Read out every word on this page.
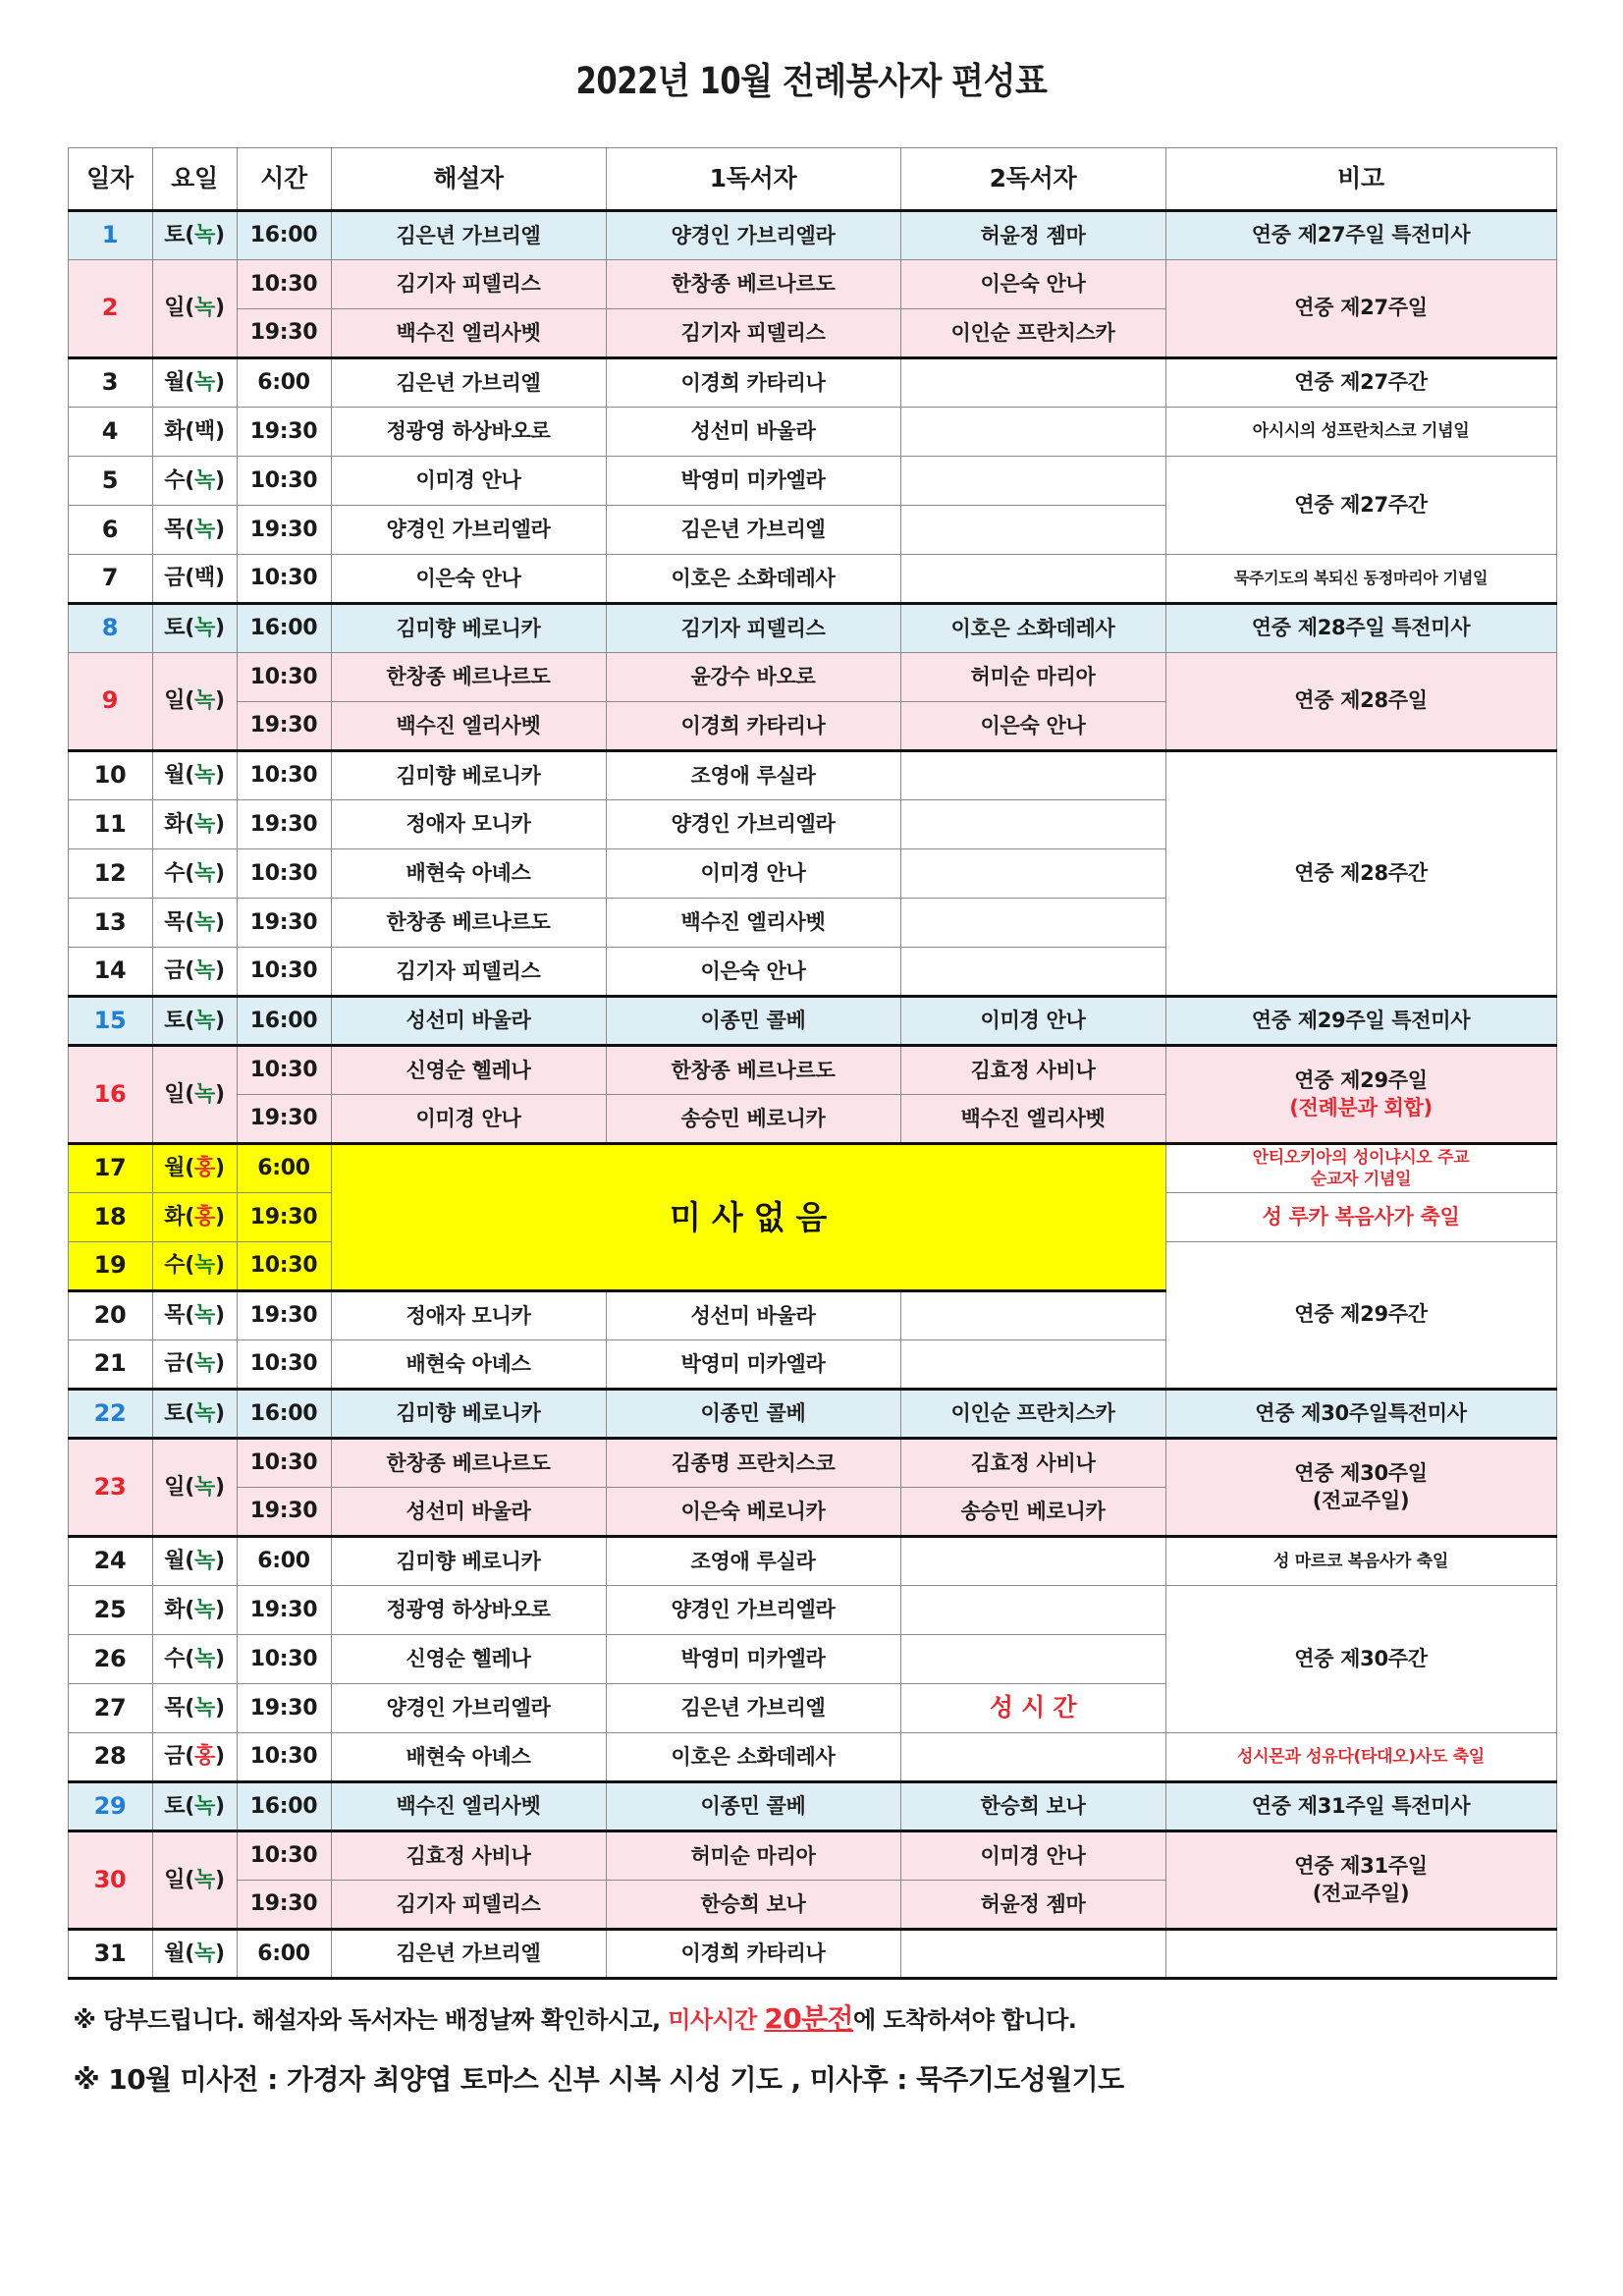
2022년 10월 전례봉사자 편성표
일자	요일	시간	해설자	1독서자	2독서자	비고
1	토(녹)	16:00	김은년 가브리엘	양경인 가브리엘라	허윤정 젬마	연중 제27주일 특전미사
2	일(녹)	10:30	김기자 피델리스	한창종 베르나르도	이은숙 안나	연중 제27주일
		19:30	백수진 엘리사벳	김기자 피델리스	이인순 프란치스카	
3	월(녹)	6:00	김은년 가브리엘	이경희 카타리나		연중 제27주간
4	화(백)	19:30	정광영 하상바오로	성선미 바울라		아시시의 성프란치스코 기념일
5	수(녹)	10:30	이미경 안나	박영미 미카엘라		연중 제27주간
6	목(녹)	19:30	양경인 가브리엘라	김은년 가브리엘		
7	금(백)	10:30	이은숙 안나	이호은 소화데레사		묵주기도의 복되신 동정마리아 기념일
8	토(녹)	16:00	김미향 베로니카	김기자 피델리스	이호은 소화데레사	연중 제28주일 특전미사
9	일(녹)	10:30	한창종 베르나르도	윤강수 바오로	허미순 마리아	연중 제28주일
		19:30	백수진 엘리사벳	이경희 카타리나	이은숙 안나	
10	월(녹)	10:30	김미향 베로니카	조영애 루실라		연중 제28주간
11	화(녹)	19:30	정애자 모니카	양경인 가브리엘라		
12	수(녹)	10:30	배현숙 아녜스	이미경 안나		
13	목(녹)	19:30	한창종 베르나르도	백수진 엘리사벳		
14	금(녹)	10:30	김기자 피델리스	이은숙 안나		
15	토(녹)	16:00	성선미 바울라	이종민 콜베	이미경 안나	연중 제29주일 특전미사
16	일(녹)	10:30	신영순 헬레나	한창종 베르나르도	김효정 사비나	연중 제29주일
(전례분과 회합)
		19:30	이미경 안나	송승민 베로니카	백수진 엘리사벳	
17	월(홍)	6:00	미 사 없 음			안티오키아의 성이냐시오 주교
순교자 기념일
18	화(홍)	19:30				성 루카 복음사가 축일
19	수(녹)	10:30				연중 제29주간
20	목(녹)	19:30	정애자 모니카	성선미 바울라		
21	금(녹)	10:30	배현숙 아녜스	박영미 미카엘라		
22	토(녹)	16:00	김미향 베로니카	이종민 콜베	이인순 프란치스카	연중 제30주일특전미사
23	일(녹)	10:30	한창종 베르나르도	김종명 프란치스코	김효정 사비나	연중 제30주일
(전교주일)
		19:30	성선미 바울라	이은숙 베로니카	송승민 베로니카	
24	월(녹)	6:00	김미향 베로니카	조영애 루실라		성 마르코 복음사가 축일
25	화(녹)	19:30	정광영 하상바오로	양경인 가브리엘라		연중 제30주간
26	수(녹)	10:30	신영순 헬레나	박영미 미카엘라		
27	목(녹)	19:30	양경인 가브리엘라	김은년 가브리엘	성 시 간	
28	금(홍)	10:30	배현숙 아녜스	이호은 소화데레사		성시몬과 성유다(타대오)사도 축일
29	토(녹)	16:00	백수진 엘리사벳	이종민 콜베	한승희 보나	연중 제31주일 특전미사
30	일(녹)	10:30	김효정 사비나	허미순 마리아	이미경 안나	연중 제31주일
(전교주일)
		19:30	김기자 피델리스	한승희 보나	허윤정 젬마	
31	월(녹)	6:00	김은년 가브리엘	이경희 카타리나		
※ 당부드립니다. 해설자와 독서자는 배정날짜 확인하시고, 미사시간 20분전에 도착하셔야 합니다.
※ 10월 미사전 : 가경자 최양엽 토마스 신부 시복 시성 기도 , 미사후 : 묵주기도성월기도
